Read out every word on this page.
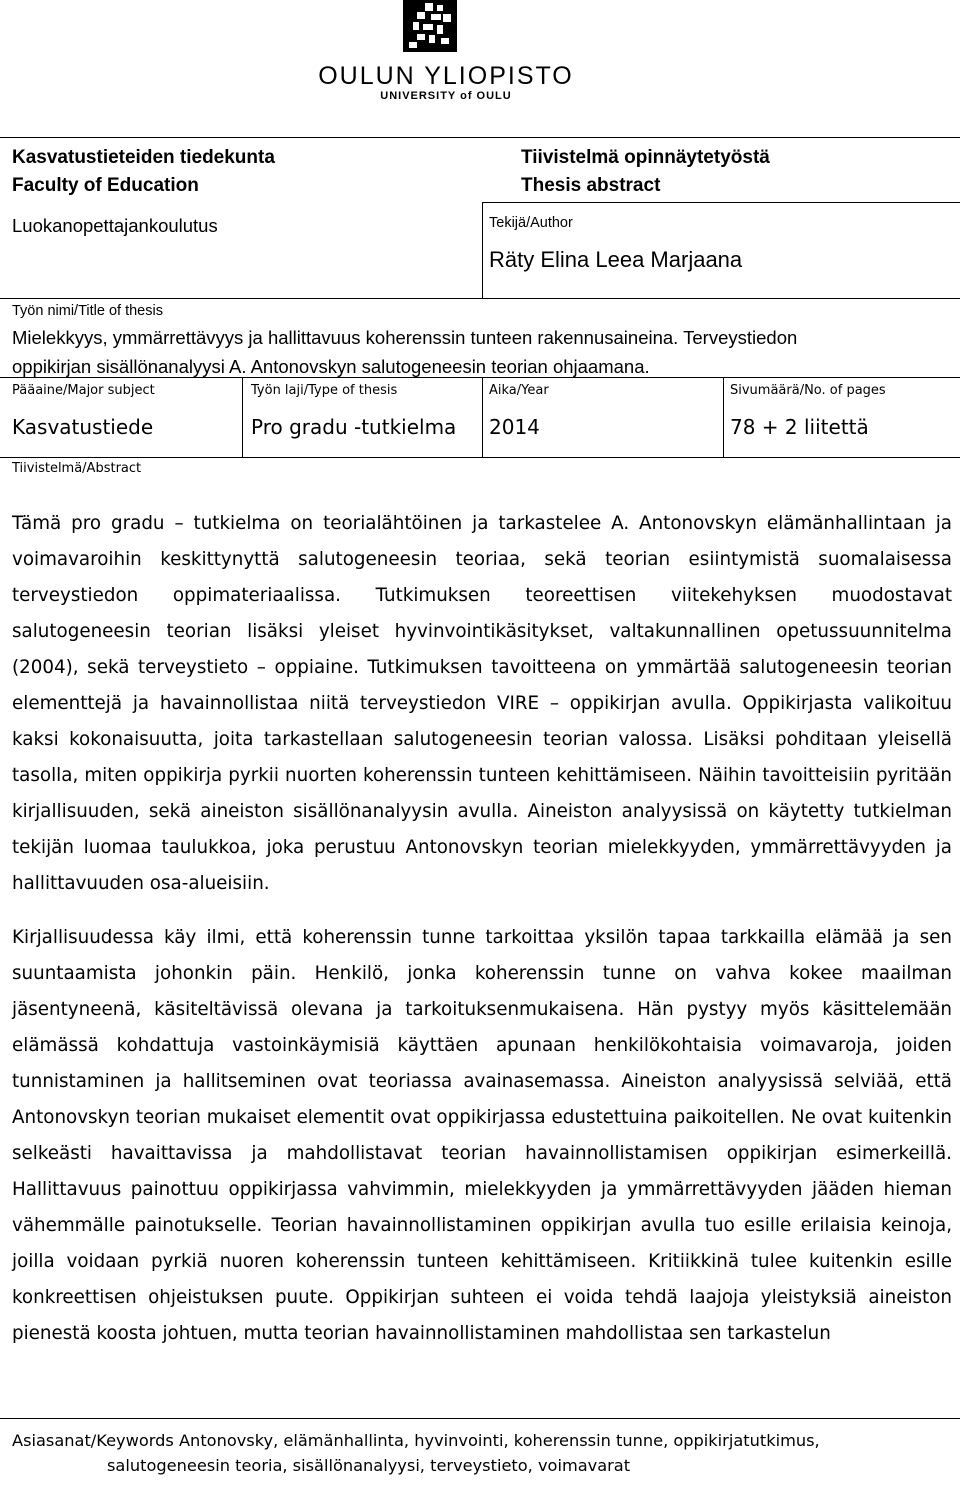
OULUN YLIOPISTO
UNIVERSITY of OULU
Kasvatustieteiden tiedekunta
Faculty of Education
Tiivistelmä opinnäytetyöstä
Thesis abstract
Luokanopettajankoulutus	Tekijä/Author
Räty Elina Leea Marjaana
Työn nimi/Title of thesis
Mielekkyys, ymmärrettävyys ja hallittavuus koherenssin tunteen rakennusaineina. Terveystiedon
oppikirjan sisällönanalyysi A. Antonovskyn salutogeneesin teorian ohjaamana.
Pääaine/Major subject
Kasvatustiede
Työn laji/Type of thesis
Pro gradu -tutkielma
Aika/Year
2014
Sivumäärä/No. of pages
78 + 2 liitettä
Tiivistelmä/Abstract

Tämä pro gradu – tutkielma on teorialähtöinen ja tarkastelee A. Antonovskyn elämänhallintaan ja voimavaroihin keskittynyttä salutogeneesin teoriaa, sekä teorian esiintymistä suomalaisessa terveystiedon oppimateriaalissa. Tutkimuksen teoreettisen viitekehyksen muodostavat salutogeneesin teorian lisäksi yleiset hyvinvointikäsitykset, valtakunnallinen opetussuunnitelma (2004), sekä terveystieto – oppiaine. Tutkimuksen tavoitteena on ymmärtää salutogeneesin teorian elementtejä ja havainnollistaa niitä terveystiedon VIRE – oppikirjan avulla. Oppikirjasta valikoituu kaksi kokonaisuutta, joita tarkastellaan salutogeneesin teorian valossa. Lisäksi pohditaan yleisellä tasolla, miten oppikirja pyrkii nuorten koherenssin tunteen kehittämiseen. Näihin tavoitteisiin pyritään kirjallisuuden, sekä aineiston sisällönanalyysin avulla. Aineiston analyysissä on käytetty tutkielman tekijän luomaa taulukkoa, joka perustuu Antonovskyn teorian mielekkyyden, ymmärrettävyyden ja hallittavuuden osa-alueisiin.

Kirjallisuudessa käy ilmi, että koherenssin tunne tarkoittaa yksilön tapaa tarkkailla elämää ja sen suuntaamista johonkin päin. Henkilö, jonka koherenssin tunne on vahva kokee maailman jäsentyneenä, käsiteltävissä olevana ja tarkoituksenmukaisena. Hän pystyy myös käsittelemään elämässä kohdattuja vastoinkäymisiä käyttäen apunaan henkilökohtaisia voimavaroja, joiden tunnistaminen ja hallitseminen ovat teoriassa avainasemassa. Aineiston analyysissä selviää, että Antonovskyn teorian mukaiset elementit ovat oppikirjassa edustettuina paikoitellen. Ne ovat kuitenkin selkeästi havaittavissa ja mahdollistavat teorian havainnollistamisen oppikirjan esimerkeillä. Hallittavuus painottuu oppikirjassa vahvimmin, mielekkyyden ja ymmärrettävyyden jääden hieman vähemmälle painotukselle. Teorian havainnollistaminen oppikirjan avulla tuo esille erilaisia keinoja, joilla voidaan pyrkiä nuoren koherenssin tunteen kehittämiseen. Kritiikkinä tulee kuitenkin esille konkreettisen ohjeistuksen puute. Oppikirjan suhteen ei voida tehdä laajoja yleistyksiä aineiston pienestä koosta johtuen, mutta teorian havainnollistaminen mahdollistaa sen tarkastelun

Asiasanat/Keywords Antonovsky, elämänhallinta, hyvinvointi, koherenssin tunne, oppikirjatutkimus,
salutogeneesin teoria, sisällönanalyysi, terveystieto, voimavarat
